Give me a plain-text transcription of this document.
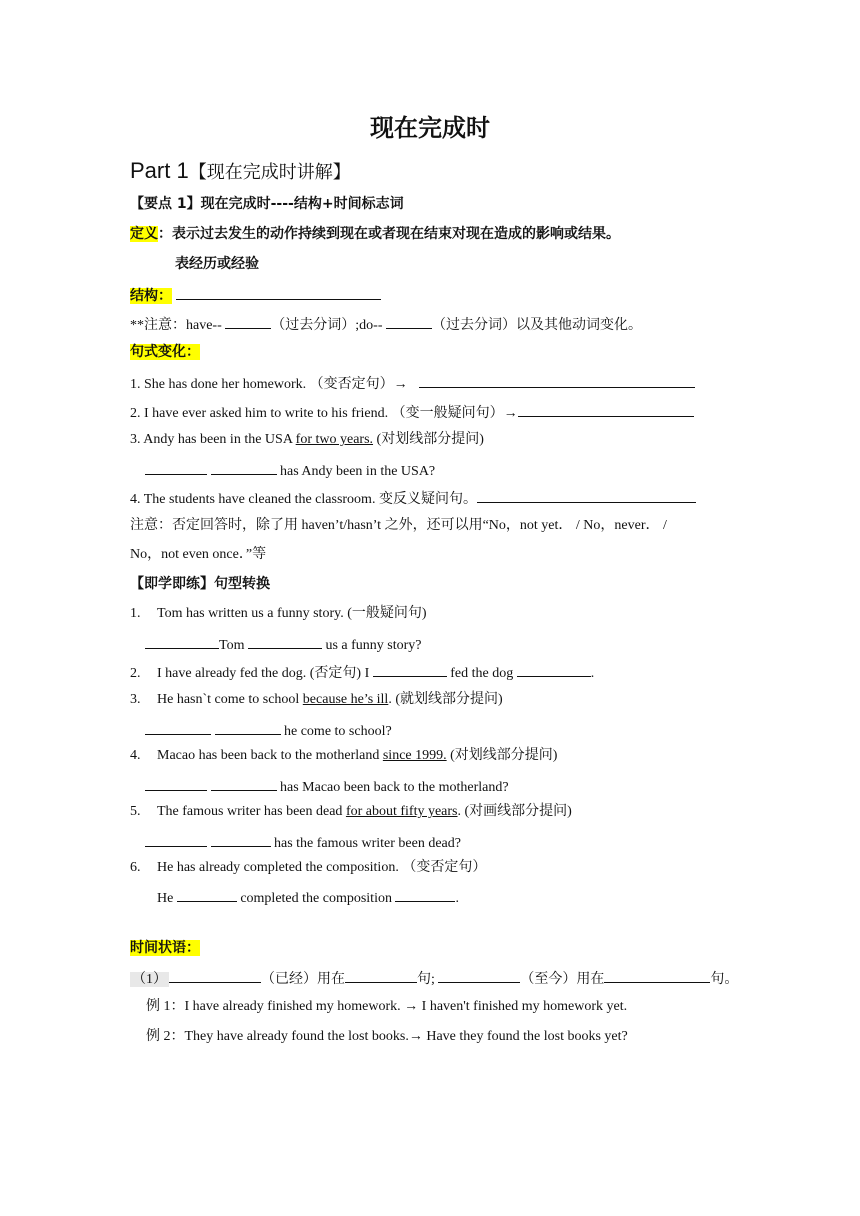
现在完成时
Part 1【现在完成时讲解】
【要点 1】现在完成时----结构+时间标志词
定义：表示过去发生的动作持续到现在或者现在结束对现在造成的影响或结果。
表经历或经验
结构：
**注意：have--	（过去分词）;do--	（过去分词）以及其他动词变化。
句式变化：
1. She has done her homework. （变否定句）→
2. I have ever asked him to write to his friend. （变一般疑问句）→
3. Andy has been in the USA for two years. (对划线部分提问)
has Andy been in the USA?
4. The students have cleaned the classroom. 变反义疑问句。
注意：否定回答时，除了用 haven’t/hasn’t 之外，还可以用“No，not yet． / No，never． /
No，not even once．”等
【即学即练】句型转换
1. Tom has written us a funny story. (一般疑问句)
Tom	us a funny story?
2. I have already fed the dog. (否定句) I	fed the dog	.
3. He hasn`t come to school because he’s ill. (就划线部分提问)
he come to school?
4. Macao has been back to the motherland since 1999. (对划线部分提问)
has Macao been back to the motherland?
5. The famous writer has been dead for about fifty years. (对画线部分提问)
has the famous writer been dead?
6. He has already completed the composition. （变否定句）
He	completed the composition	.
时间状语：
（1）	（已经）用在	句;	（至今）用在	句。
例 1：I have already finished my homework. → I haven't finished my homework yet.
例 2：They have already found the lost books.→ Have they found the lost books yet?
